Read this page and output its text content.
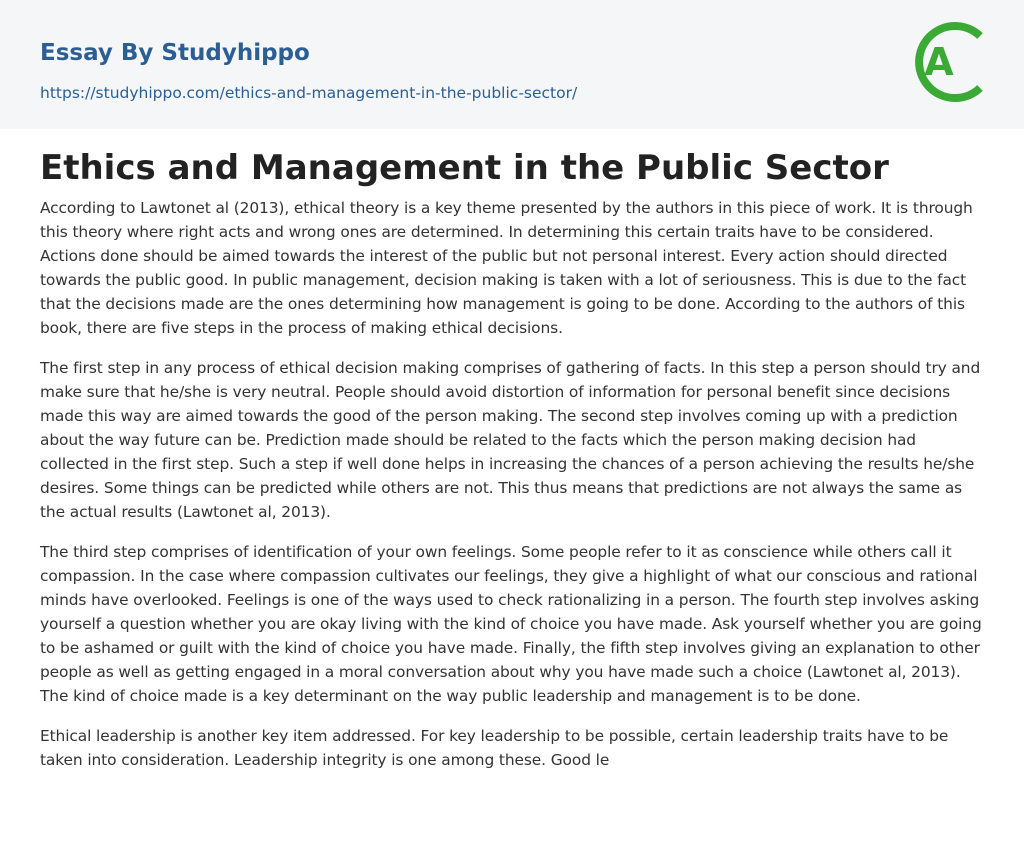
Essay By Studyhippo
https://studyhippo.com/ethics-and-management-in-the-public-sector/
A
Ethics and Management in the Public Sector

According to Lawtonet al (2013), ethical theory is a key theme presented by the authors in this piece of work. It is through this theory where right acts and wrong ones are determined. In determining this certain traits have to be considered. Actions done should be aimed towards the interest of the public but not personal interest. Every action should directed towards the public good. In public management, decision making is taken with a lot of seriousness. This is due to the fact that the decisions made are the ones determining how management is going to be done. According to the authors of this book, there are five steps in the process of making ethical decisions.

The first step in any process of ethical decision making comprises of gathering of facts. In this step a person should try and make sure that he/she is very neutral. People should avoid distortion of information for personal benefit since decisions made this way are aimed towards the good of the person making. The second step involves coming up with a prediction about the way future can be. Prediction made should be related to the facts which the person making decision had collected in the first step. Such a step if well done helps in increasing the chances of a person achieving the results he/she desires. Some things can be predicted while others are not. This thus means that predictions are not always the same as the actual results (Lawtonet al, 2013).

The third step comprises of identification of your own feelings. Some people refer to it as conscience while others call it compassion. In the case where compassion cultivates our feelings, they give a highlight of what our conscious and rational minds have overlooked. Feelings is one of the ways used to check rationalizing in a person. The fourth step involves asking yourself a question whether you are okay living with the kind of choice you have made. Ask yourself whether you are going to be ashamed or guilt with the kind of choice you have made. Finally, the fifth step involves giving an explanation to other people as well as getting engaged in a moral conversation about why you have made such a choice (Lawtonet al, 2013). The kind of choice made is a key determinant on the way public leadership and management is to be done.

Ethical leadership is another key item addressed. For key leadership to be possible, certain leadership traits have to be taken into consideration. Leadership integrity is one among these. Good le
